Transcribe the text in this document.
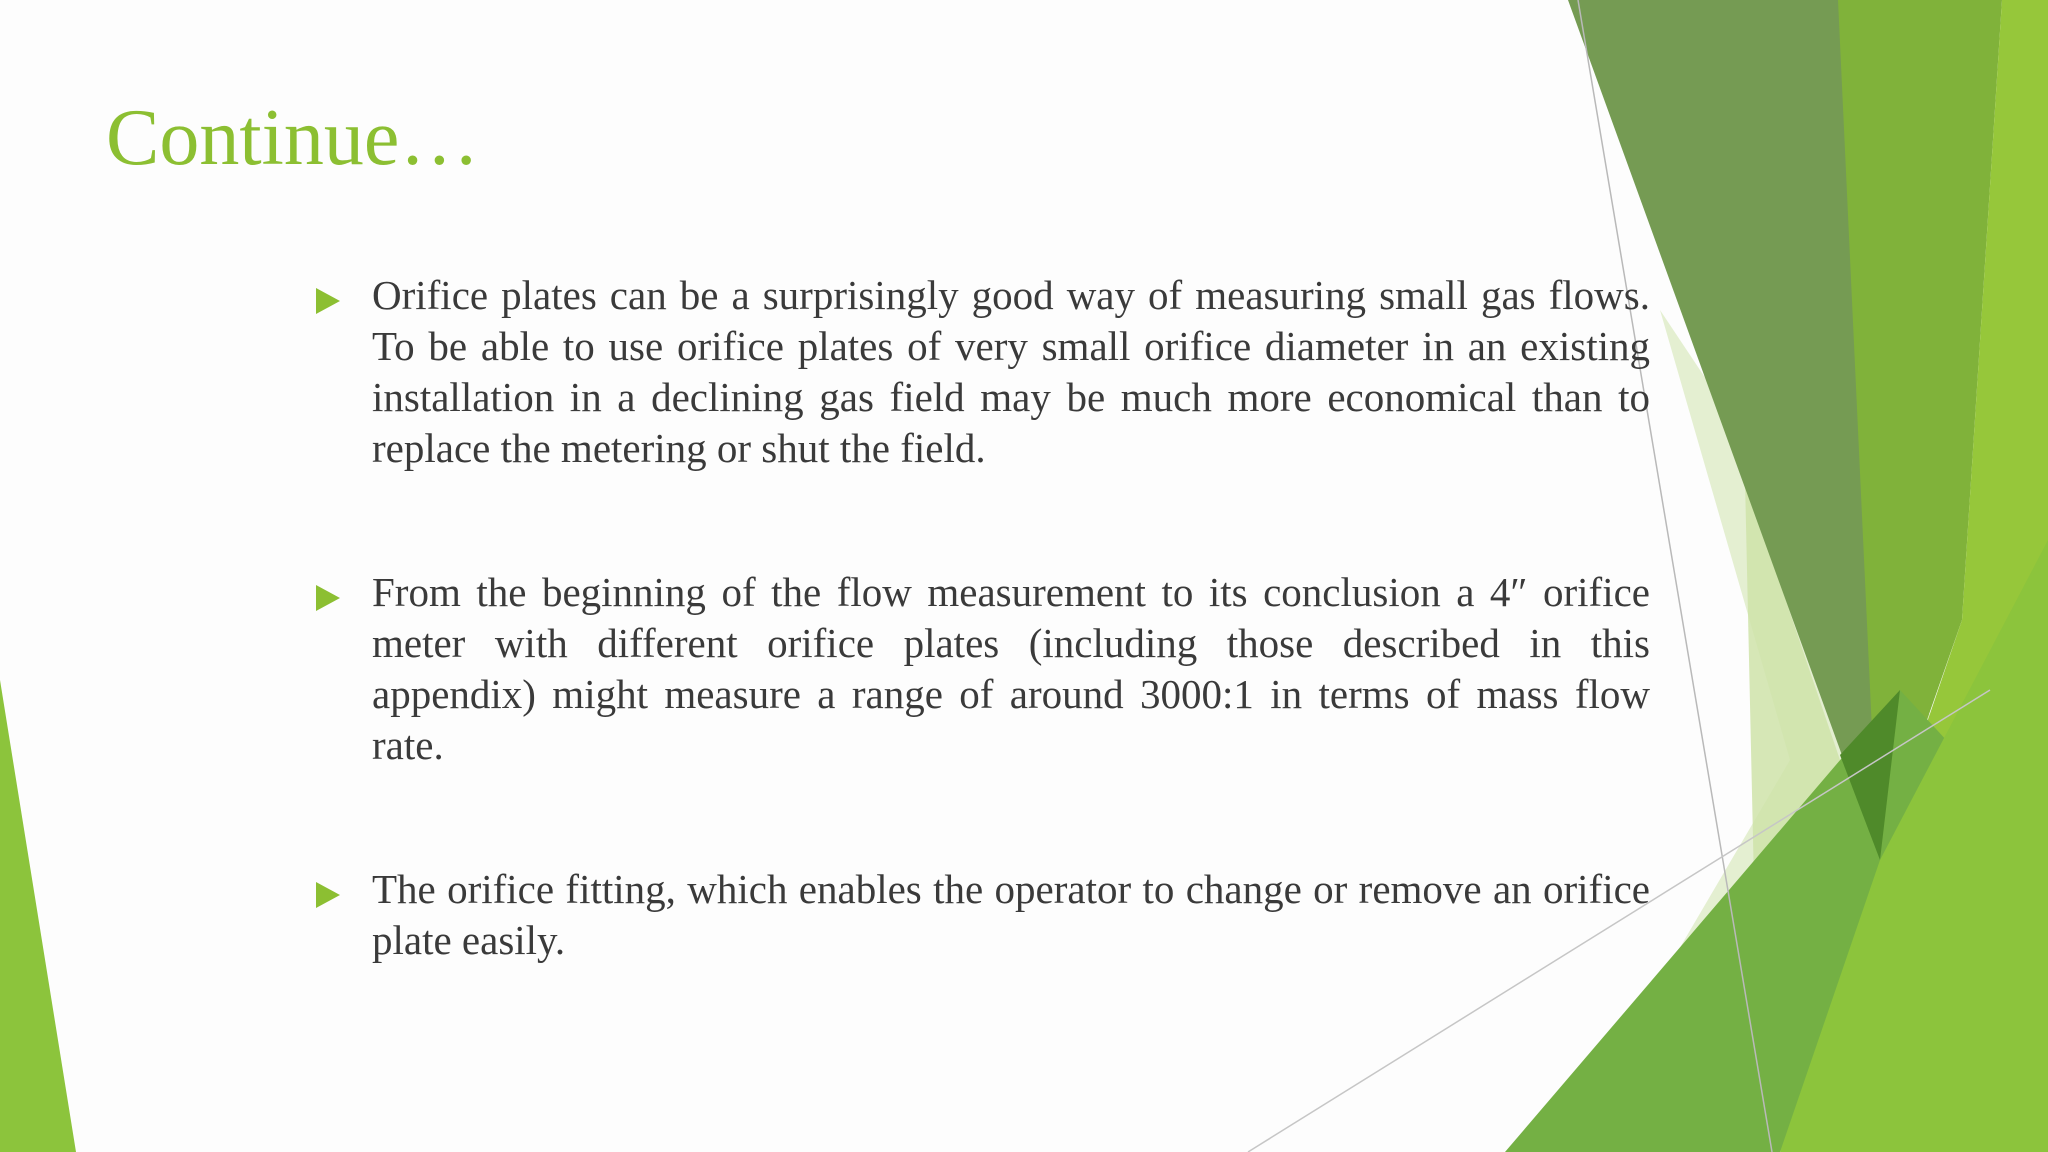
Continue…
Orifice plates can be a surprisingly good way of measuring small gas flows. To be able to use orifice plates of very small orifice diameter in an existing installation in a declining gas field may be much more economical than to replace the metering or shut the field.
From the beginning of the flow measurement to its conclusion a 4″ orifice meter with different orifice plates (including those described in this appendix) might measure a range of around 3000:1 in terms of mass flow rate.
The orifice fitting, which enables the operator to change or remove an orifice plate easily.
